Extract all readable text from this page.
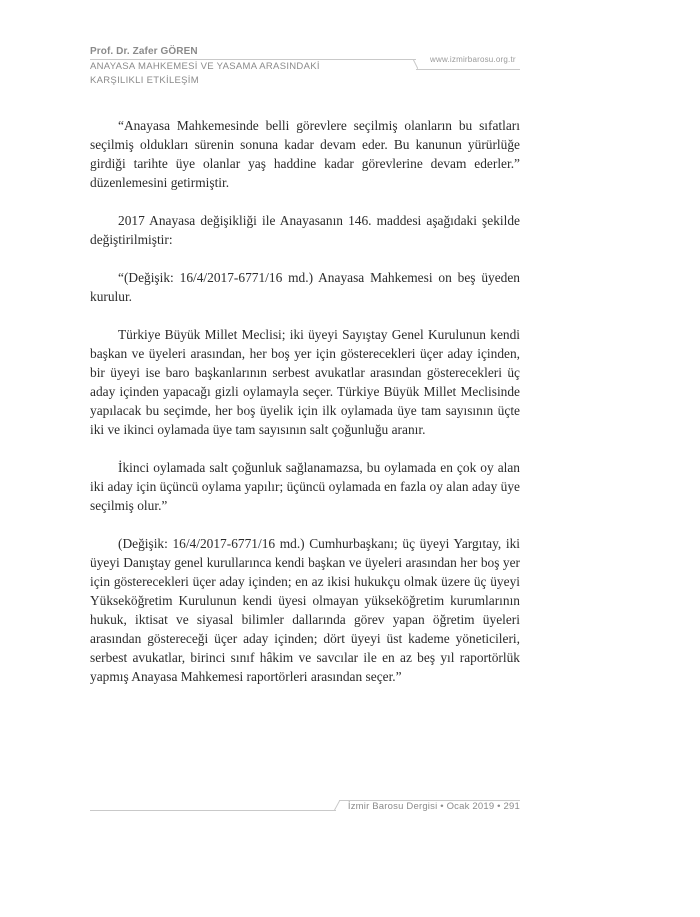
Prof. Dr. Zafer GÖREN
www.izmirbarosu.org.tr
ANAYASA MAHKEMESİ VE YASAMA ARASINDAKİ
KARŞILIKLI ETKİLEŞİM

“Anayasa Mahkemesinde belli görevlere seçilmiş olanların bu sıfatları seçilmiş oldukları sürenin sonuna kadar devam eder. Bu kanunun yürürlüğe girdiği tarihte üye olanlar yaş haddine kadar görevlerine devam ederler.” düzenlemesini getirmiştir.

2017 Anayasa değişikliği ile Anayasanın 146. maddesi aşağıdaki şekilde değiştirilmiştir:

“(Değişik: 16/4/2017-6771/16 md.) Anayasa Mahkemesi on beş üyeden kurulur.

Türkiye Büyük Millet Meclisi; iki üyeyi Sayıştay Genel Kurulunun kendi başkan ve üyeleri arasından, her boş yer için gösterecekleri üçer aday içinden, bir üyeyi ise baro başkanlarının serbest avukatlar arasından gösterecekleri üç aday içinden yapacağı gizli oylamayla seçer. Türkiye Büyük Millet Meclisinde yapılacak bu seçimde, her boş üyelik için ilk oylamada üye tam sayısının üçte iki ve ikinci oylamada üye tam sayısının salt çoğunluğu aranır.

İkinci oylamada salt çoğunluk sağlanamazsa, bu oylamada en çok oy alan iki aday için üçüncü oylama yapılır; üçüncü oylamada en fazla oy alan aday üye seçilmiş olur.”

(Değişik: 16/4/2017-6771/16 md.) Cumhurbaşkanı; üç üyeyi Yargıtay, iki üyeyi Danıştay genel kurullarınca kendi başkan ve üyeleri arasından her boş yer için gösterecekleri üçer aday içinden; en az ikisi hukukçu olmak üzere üç üyeyi Yükseköğretim Kurulunun kendi üyesi olmayan yükseköğretim kurumlarının hukuk, iktisat ve siyasal bilimler dallarında görev yapan öğretim üyeleri arasından göstereceği üçer aday içinden; dört üyeyi üst kademe yöneticileri, serbest avukatlar, birinci sınıf hâkim ve savcılar ile en az beş yıl raportörlük yapmış Anayasa Mahkemesi raportörleri arasından seçer.”

İzmir Barosu Dergisi • Ocak 2019 • 291
